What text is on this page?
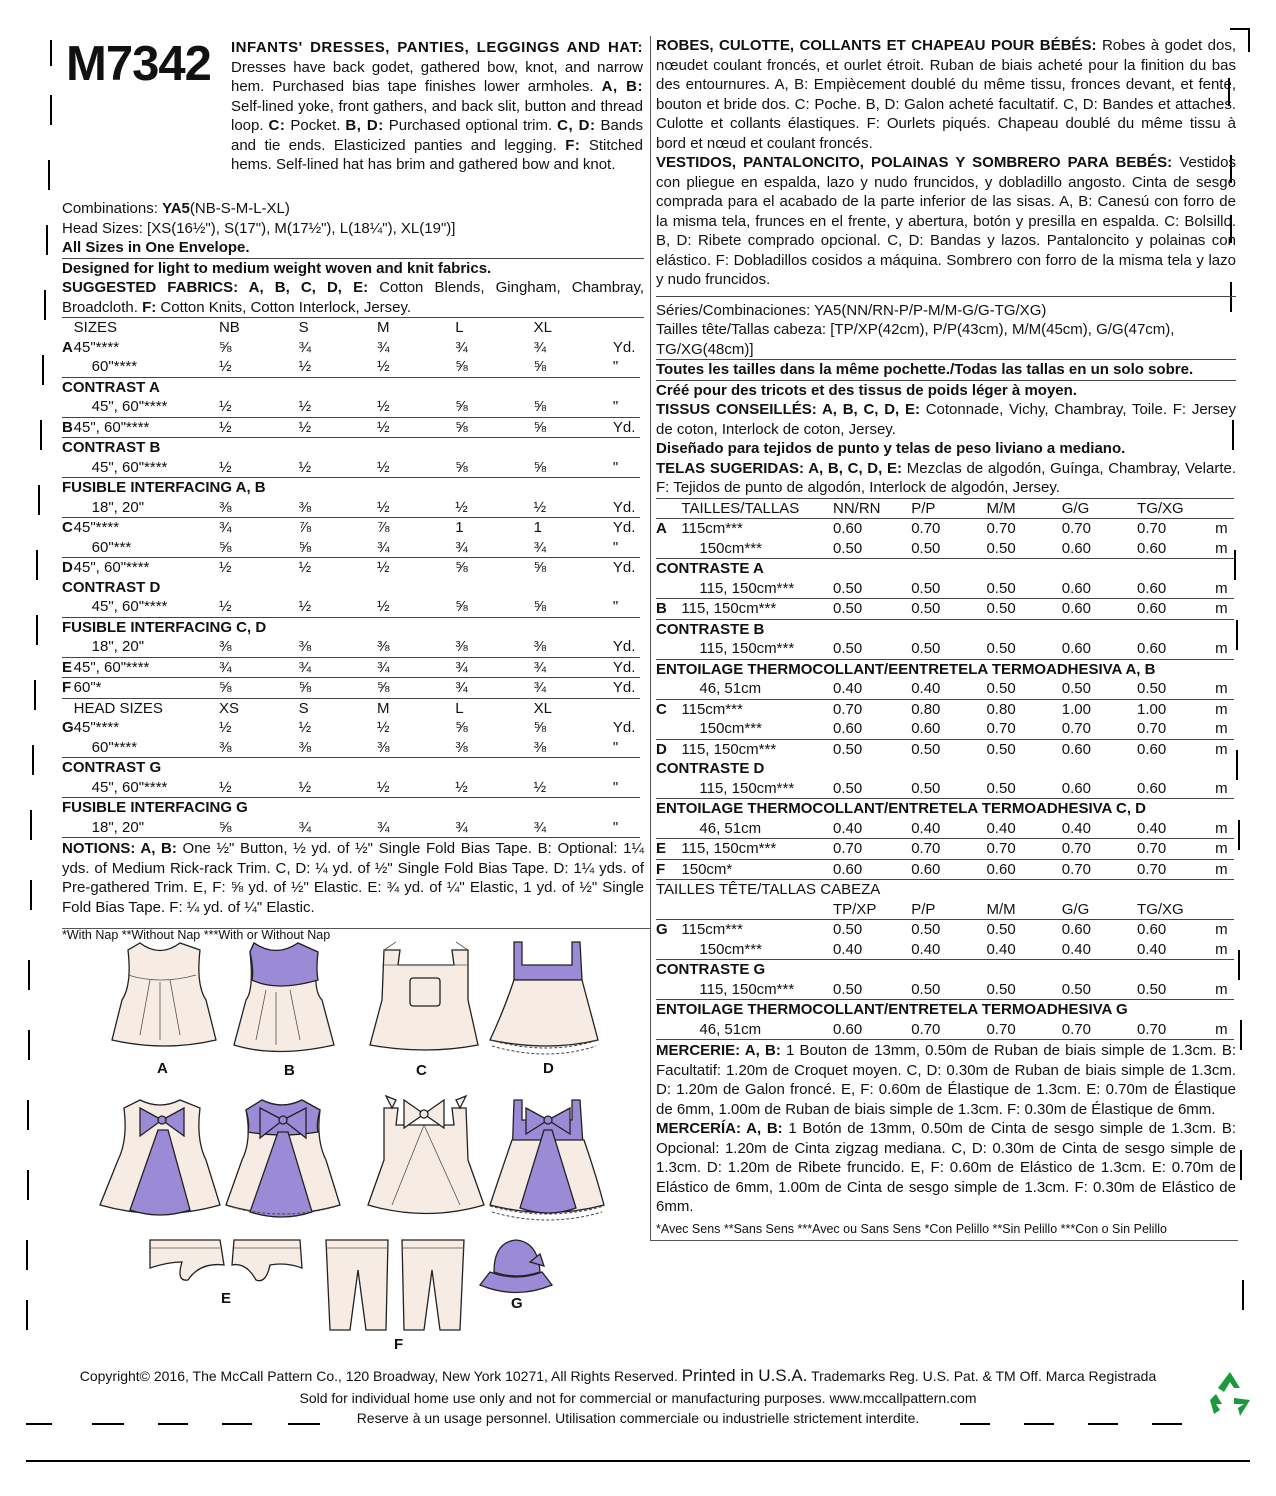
M7342 INFANTS' DRESSES, PANTIES, LEGGINGS AND HAT: Dresses have back godet, gathered bow, knot, and narrow hem. Purchased bias tape finishes lower armholes. A, B: Self-lined yoke, front gathers, and back slit, button and thread loop. C: Pocket. B, D: Purchased optional trim. C, D: Bands and tie ends. Elasticized panties and legging. F: Stitched hems. Self-lined hat has brim and gathered bow and knot.
Combinations: YA5(NB-S-M-L-XL)
Head Sizes: [XS(16½"), S(17"), M(17½"), L(18¼"), XL(19")]
All Sizes in One Envelope.
Designed for light to medium weight woven and knit fabrics.
SUGGESTED FABRICS: A, B, C, D, E: Cotton Blends, Gingham, Chambray, Broadcloth. F: Cotton Knits, Cotton Interlock, Jersey.
	SIZES	NB	S	M	L	XL	
A	45"****	⅝	¾	¾	¾	¾	Yd.
	60"****	½	½	½	⅝	⅝	"
CONTRAST A							
	45", 60"****	½	½	½	⅝	⅝	"
B	45", 60"****	½	½	½	⅝	⅝	Yd.
CONTRAST B							
	45", 60"****	½	½	½	⅝	⅝	"
FUSIBLE INTERFACING A, B							
	18", 20"	⅜	⅜	½	½	½	Yd.
C	45"****	¾	⅞	⅞	1	1	Yd.
	60"***	⅝	⅝	¾	¾	¾	"
D	45", 60"****	½	½	½	⅝	⅝	Yd.
CONTRAST D							
	45", 60"****	½	½	½	⅝	⅝	"
FUSIBLE INTERFACING C, D							
	18", 20"	⅜	⅜	⅜	⅜	⅜	Yd.
E	45", 60"****	¾	¾	¾	¾	¾	Yd.
F	60"*	⅝	⅝	⅝	¾	¾	Yd.
	HEAD SIZES	XS	S	M	L	XL	
G	45"****	½	½	½	⅝	⅝	Yd.
	60"****	⅜	⅜	⅜	⅜	⅜	"
CONTRAST G							
	45", 60"****	½	½	½	½	½	"
FUSIBLE INTERFACING G							
	18", 20"	⅝	¾	¾	¾	¾	"
NOTIONS: A, B: One ½" Button, ½ yd. of ½" Single Fold Bias Tape. B: Optional: 1¼ yds. of Medium Rick-rack Trim. C, D: ¼ yd. of ½" Single Fold Bias Tape. D: 1¼ yds. of Pre-gathered Trim. E, F: ⅝ yd. of ½" Elastic. E: ¾ yd. of ¼" Elastic, 1 yd. of ½" Single Fold Bias Tape. F: ¼ yd. of ¼" Elastic.
*With Nap **Without Nap ***With or Without Nap
ROBES, CULOTTE, COLLANTS ET CHAPEAU POUR BÉBÉS: Robes à godet dos, nœudet coulant froncés, et ourlet étroit. Ruban de biais acheté pour la finition du bas des entournures. A, B: Empiècement doublé du même tissu, fronces devant, et fente, bouton et bride dos. C: Poche. B, D: Galon acheté facultatif. C, D: Bandes et attaches. Culotte et collants élastiques. F: Ourlets piqués. Chapeau doublé du même tissu à bord et nœud et coulant froncés.
VESTIDOS, PANTALONCITO, POLAINAS Y SOMBRERO PARA BEBÉS: Vestidos con pliegue en espalda, lazo y nudo fruncidos, y dobladillo angosto. Cinta de sesgo comprada para el acabado de la parte inferior de las sisas. A, B: Canesú con forro de la misma tela, frunces en el frente, y abertura, botón y presilla en espalda. C: Bolsillo. B, D: Ribete comprado opcional. C, D: Bandas y lazos. Pantaloncito y polainas con elástico. F: Dobladillos cosidos a máquina. Sombrero con forro de la misma tela y lazo y nudo fruncidos.
Séries/Combinaciones: YA5(NN/RN-P/P-M/M-G/G-TG/XG)
Tailles tête/Tallas cabeza: [TP/XP(42cm), P/P(43cm), M/M(45cm), G/G(47cm), TG/XG(48cm)]
Toutes les tailles dans la même pochette./Todas las tallas en un solo sobre.
Créé pour des tricots et des tissus de poids léger à moyen.
TISSUS CONSEILLÉS: A, B, C, D, E: Cotonnade, Vichy, Chambray, Toile. F: Jersey de coton, Interlock de coton, Jersey.
Diseñado para tejidos de punto y telas de peso liviano a mediano.
TELAS SUGERIDAS: A, B, C, D, E: Mezclas de algodón, Guínga, Chambray, Velarte. F: Tejidos de punto de algodón, Interlock de algodón, Jersey.
	TAILLES/TALLAS	NN/RN	P/P	M/M	G/G	TG/XG	
A	115cm***	0.60	0.70	0.70	0.70	0.70	m
	150cm***	0.50	0.50	0.50	0.60	0.60	m
CONTRASTE A							
	115, 150cm***	0.50	0.50	0.50	0.60	0.60	m
B	115, 150cm***	0.50	0.50	0.50	0.60	0.60	m
CONTRASTE B							
	115, 150cm***	0.50	0.50	0.50	0.60	0.60	m
ENTOILAGE THERMOCOLLANT/EENTRETELA TERMOADHESIVA A, B							
	46, 51cm	0.40	0.40	0.50	0.50	0.50	m
C	115cm***	0.70	0.80	0.80	1.00	1.00	m
	150cm***	0.60	0.60	0.70	0.70	0.70	m
D	115, 150cm***	0.50	0.50	0.50	0.60	0.60	m
CONTRASTE D							
	115, 150cm***	0.50	0.50	0.50	0.60	0.60	m
ENTOILAGE THERMOCOLLANT/ENTRETELA TERMOADHESIVA C, D							
	46, 51cm	0.40	0.40	0.40	0.40	0.40	m
E	115, 150cm***	0.70	0.70	0.70	0.70	0.70	m
F	150cm*	0.60	0.60	0.60	0.70	0.70	m
TAILLES TÊTE/TALLAS CABEZA							
		TP/XP	P/P	M/M	G/G	TG/XG	
G	115cm***	0.50	0.50	0.50	0.60	0.60	m
	150cm***	0.40	0.40	0.40	0.40	0.40	m
CONTRASTE G							
	115, 150cm***	0.50	0.50	0.50	0.50	0.50	m
ENTOILAGE THERMOCOLLANT/ENTRETELA TERMOADHESIVA G							
	46, 51cm	0.60	0.70	0.70	0.70	0.70	m
MERCERIE: A, B: 1 Bouton de 13mm, 0.50m de Ruban de biais simple de 1.3cm. B: Facultatif: 1.20m de Croquet moyen. C, D: 0.30m de Ruban de biais simple de 1.3cm. D: 1.20m de Galon froncé. E, F: 0.60m de Élastique de 1.3cm. E: 0.70m de Élastique de 6mm, 1.00m de Ruban de biais simple de 1.3cm. F: 0.30m de Élastique de 6mm.
MERCERÍA: A, B: 1 Botón de 13mm, 0.50m de Cinta de sesgo simple de 1.3cm. B: Opcional: 1.20m de Cinta zigzag mediana. C, D: 0.30m de Cinta de sesgo simple de 1.3cm. D: 1.20m de Ribete fruncido. E, F: 0.60m de Elástico de 1.3cm. E: 0.70m de Elástico de 6mm, 1.00m de Cinta de sesgo simple de 1.3cm. F: 0.30m de Elástico de 6mm.
*Avec Sens **Sans Sens ***Avec ou Sans Sens *Con Pelillo **Sin Pelillo ***Con o Sin Pelillo
A	B	C	D
E
F
G
Copyright© 2016, The McCall Pattern Co., 120 Broadway, New York 10271, All Rights Reserved. Printed in U.S.A. Trademarks Reg. U.S. Pat. & TM Off. Marca Registrada
Sold for individual home use only and not for commercial or manufacturing purposes. www.mccallpattern.com
Reserve à un usage personnel. Utilisation commerciale ou industrielle strictement interdite.
